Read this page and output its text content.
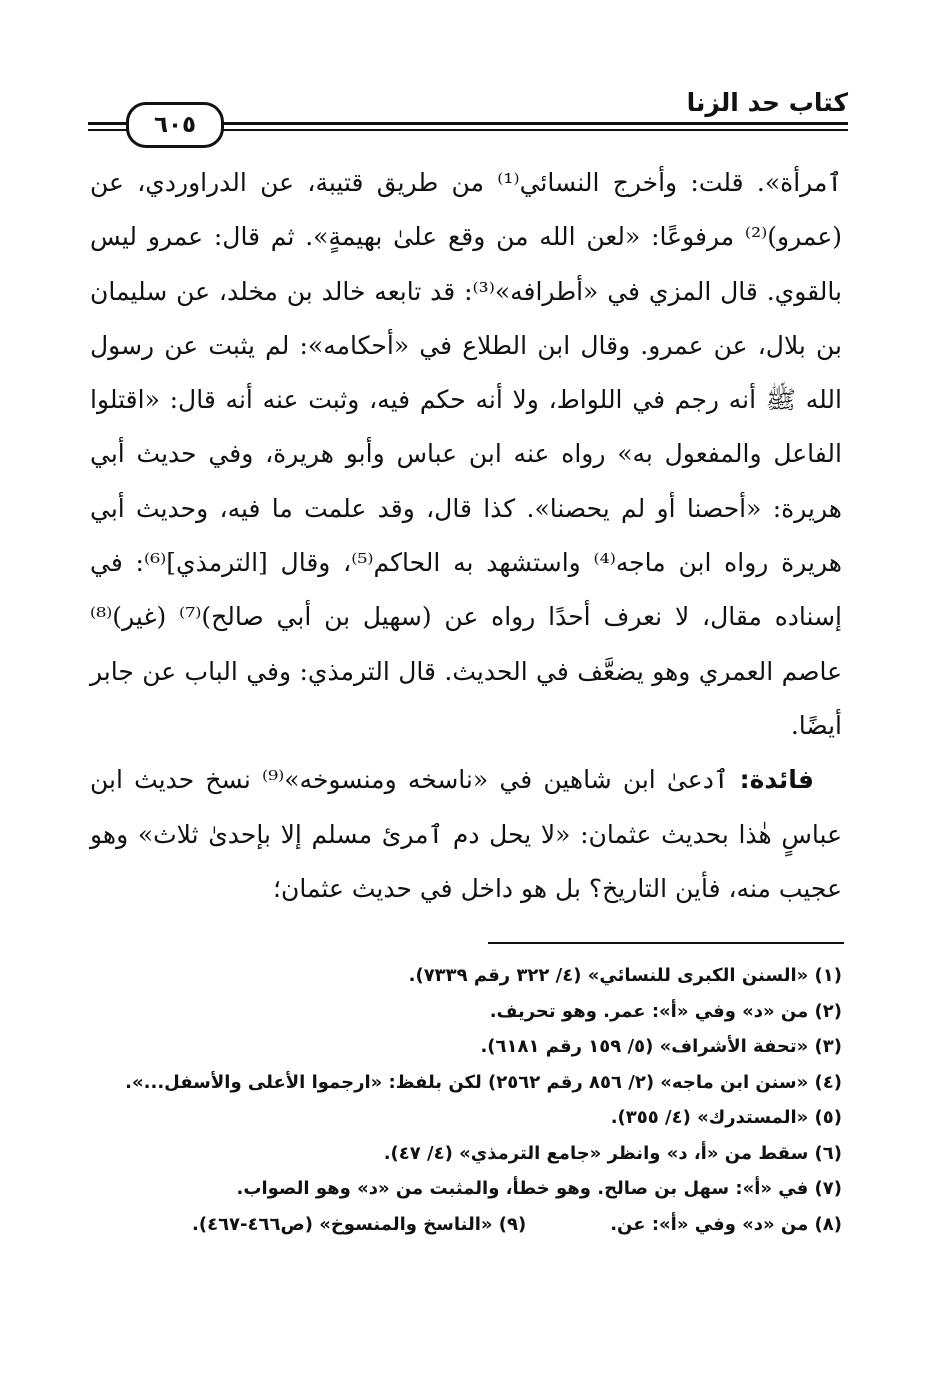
كتاب حد الزنا
٦٠٥

ٱمرأة». قلت: وأخرج النسائي⁽¹⁾ من طريق قتيبة، عن الدراوردي، عن (عمرو)⁽²⁾ مرفوعًا: «لعن الله من وقع علىٰ بهيمةٍ». ثم قال: عمرو ليس بالقوي. قال المزي في «أطرافه»⁽³⁾: قد تابعه خالد بن مخلد، عن سليمان بن بلال، عن عمرو. وقال ابن الطلاع في «أحكامه»: لم يثبت عن رسول الله ﷺ أنه رجم في اللواط، ولا أنه حكم فيه، وثبت عنه أنه قال: «اقتلوا الفاعل والمفعول به» رواه عنه ابن عباس وأبو هريرة، وفي حديث أبي هريرة: «أحصنا أو لم يحصنا». كذا قال، وقد علمت ما فيه، وحديث أبي هريرة رواه ابن ماجه⁽⁴⁾ واستشهد به الحاكم⁽⁵⁾، وقال [الترمذي]⁽⁶⁾: في إسناده مقال، لا نعرف أحدًا رواه عن (سهيل بن أبي صالح)⁽⁷⁾ (غير)⁽⁸⁾ عاصم العمري وهو يضعَّف في الحديث. قال الترمذي: وفي الباب عن جابر أيضًا.

فائدة: ٱدعىٰ ابن شاهين في «ناسخه ومنسوخه»⁽⁹⁾ نسخ حديث ابن عباسٍ هٰذا بحديث عثمان: «لا يحل دم ٱمرئ مسلم إلا بإحدىٰ ثلاث» وهو عجيب منه، فأين التاريخ؟ بل هو داخل في حديث عثمان؛

(١) «السنن الكبرى للنسائي» (٤/ ٣٢٢ رقم ٧٣٣٩).
(٢) من «د» وفي «أ»: عمر. وهو تحريف.
(٣) «تحفة الأشراف» (٥/ ١٥٩ رقم ٦١٨١).
(٤) «سنن ابن ماجه» (٢/ ٨٥٦ رقم ٢٥٦٢) لكن بلفظ: «ارجموا الأعلى والأسفل...».
(٥) «المستدرك» (٤/ ٣٥٥).
(٦) سقط من «أ، د» وانظر «جامع الترمذي» (٤/ ٤٧).
(٧) في «أ»: سهل بن صالح. وهو خطأ، والمثبت من «د» وهو الصواب.
(٨) من «د» وفي «أ»: عن.
(٩) «الناسخ والمنسوخ» (ص٤٦٦-٤٦٧).
